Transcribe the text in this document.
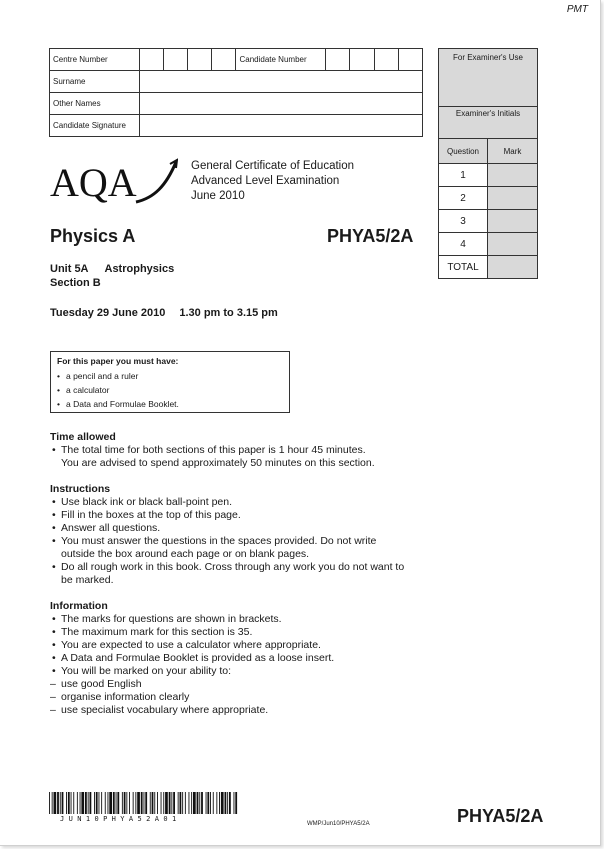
PMT
Centre Number					Candidate Number				
Surname									
Other Names									
Candidate Signature									
For Examiner's Use
Examiner's Initials
Question	Mark
1
2
3
4
TOTAL
AQA	General Certificate of Education
Advanced Level Examination
June 2010
Physics A	PHYA5/2A
Unit 5A Astrophysics
Section B
Tuesday 29 June 2010 1.30 pm to 3.15 pm
For this paper you must have:
• a pencil and a ruler
• a calculator
• a Data and Formulae Booklet.
Time allowed
• The total time for both sections of this paper is 1 hour 45 minutes.
You are advised to spend approximately 50 minutes on this section.
Instructions
• Use black ink or black ball-point pen.
• Fill in the boxes at the top of this page.
• Answer all questions.
• You must answer the questions in the spaces provided. Do not write outside the box around each page or on blank pages.
• Do all rough work in this book. Cross through any work you do not want to be marked.
Information
• The marks for questions are shown in brackets.
• The maximum mark for this section is 35.
• You are expected to use a calculator where appropriate.
• A Data and Formulae Booklet is provided as a loose insert.
• You will be marked on your ability to:
– use good English
– organise information clearly
– use specialist vocabulary where appropriate.
JUN10PHYA52A01
WMP/Jun10/PHYA5/2A	PHYA5/2A
